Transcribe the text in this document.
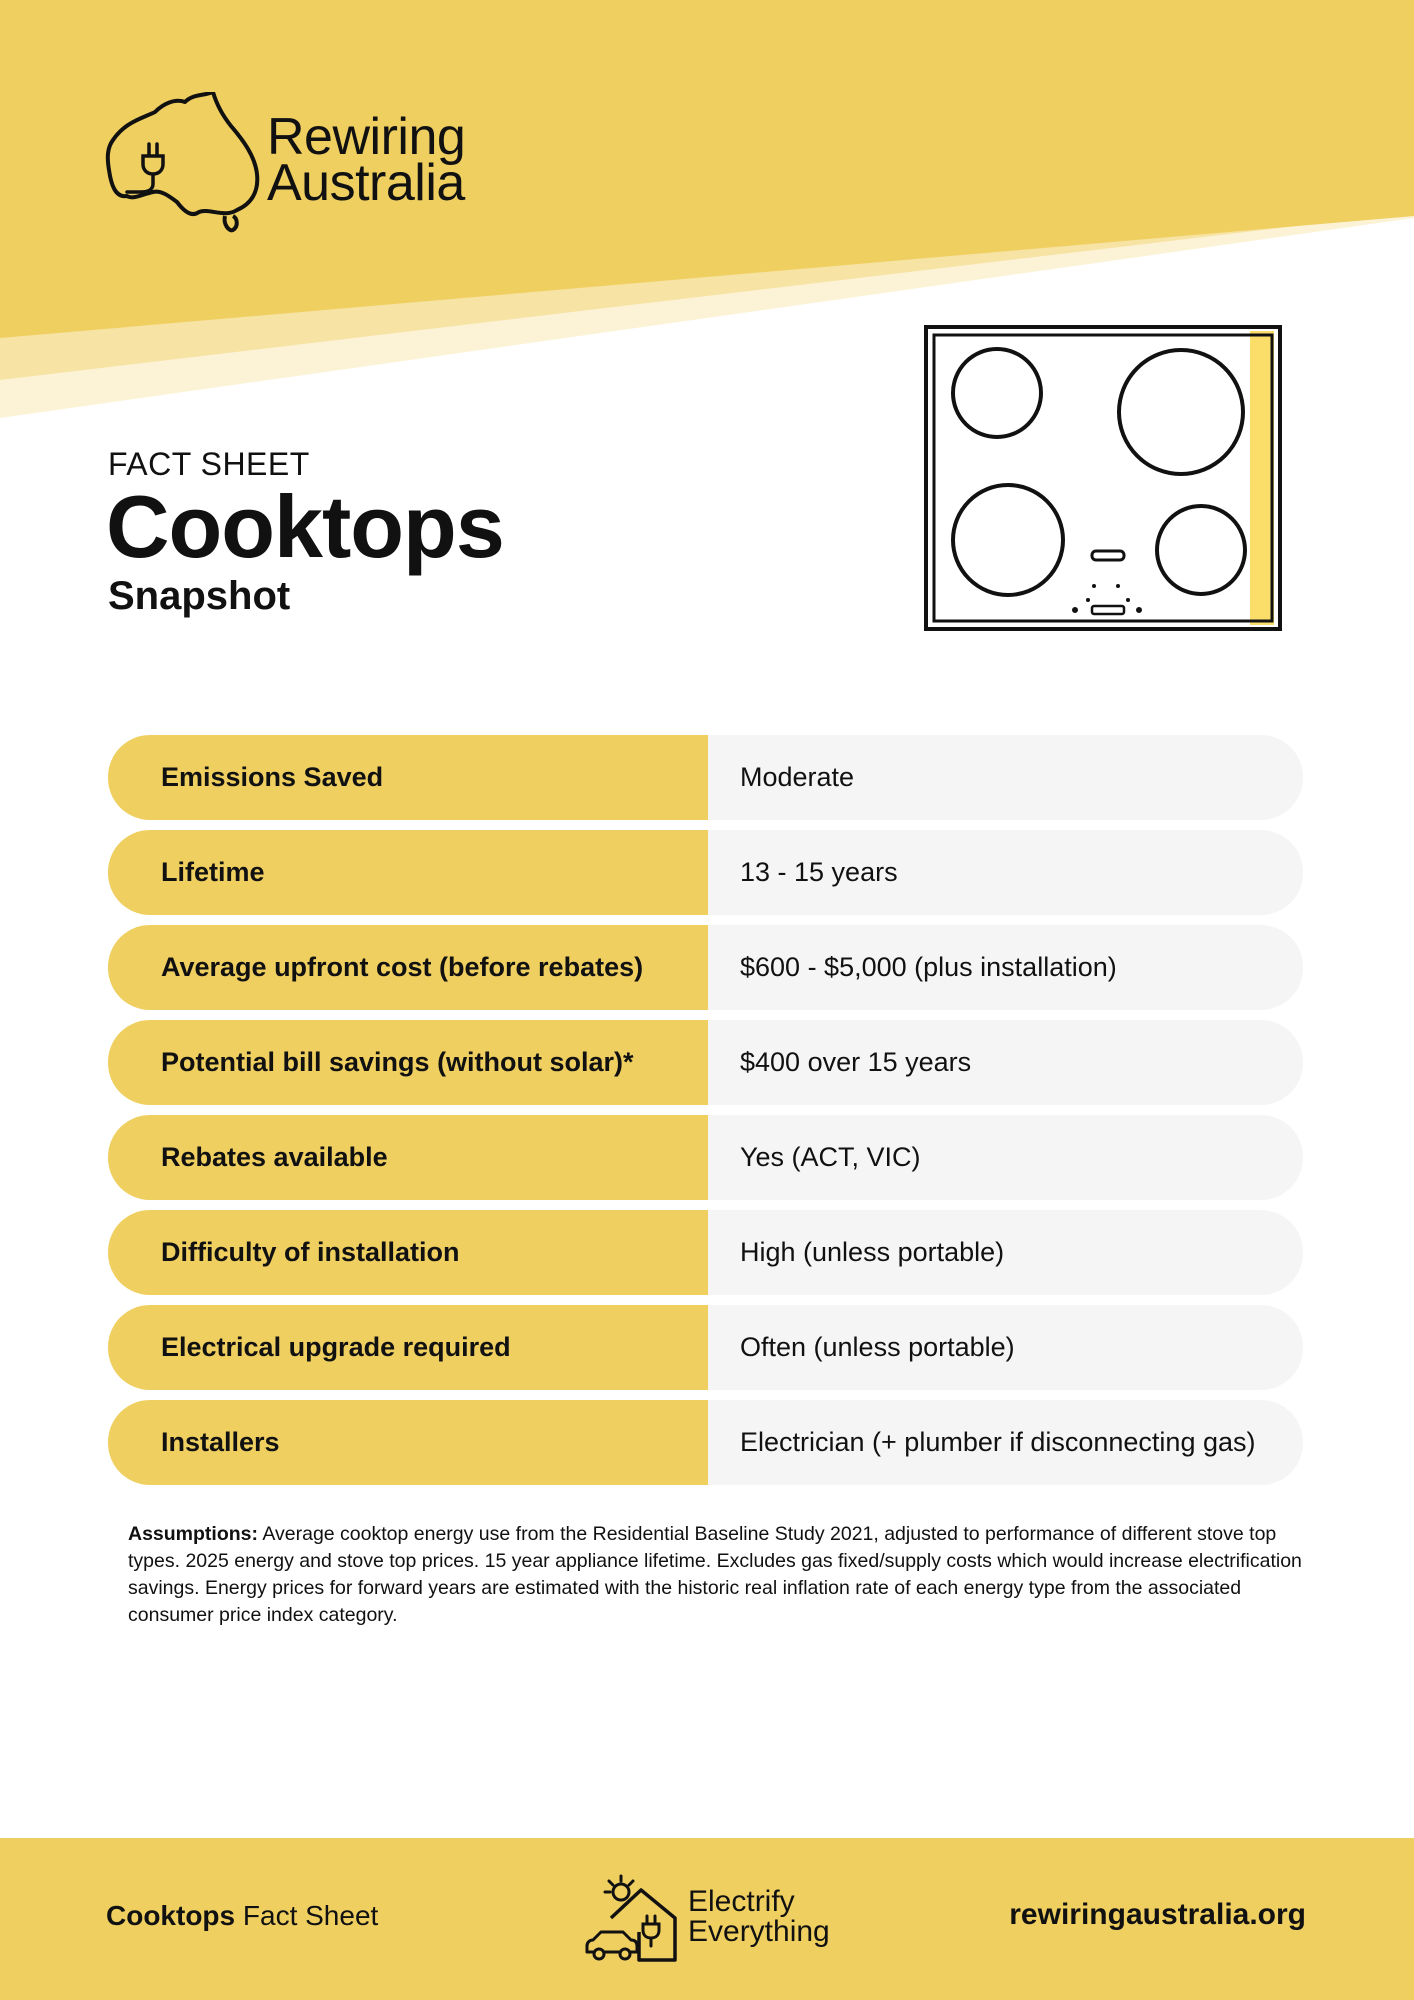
Rewiring
Australia
FACT SHEET
Cooktops
Snapshot
Emissions Saved	Moderate
Lifetime	13 - 15 years
Average upfront cost (before rebates)	$600 - $5,000 (plus installation)
Potential bill savings (without solar)*	$400 over 15 years
Rebates available	Yes (ACT, VIC)
Difficulty of installation	High (unless portable)
Electrical upgrade required	Often (unless portable)
Installers	Electrician (+ plumber if disconnecting gas)
Assumptions: Average cooktop energy use from the Residential Baseline Study 2021, adjusted to performance of different stove top types. 2025 energy and stove top prices. 15 year appliance lifetime. Excludes gas fixed/supply costs which would increase electrification savings. Energy prices for forward years are estimated with the historic real inflation rate of each energy type from the associated consumer price index category.
Cooktops Fact Sheet	Electrify
Everything
rewiringaustralia.org
